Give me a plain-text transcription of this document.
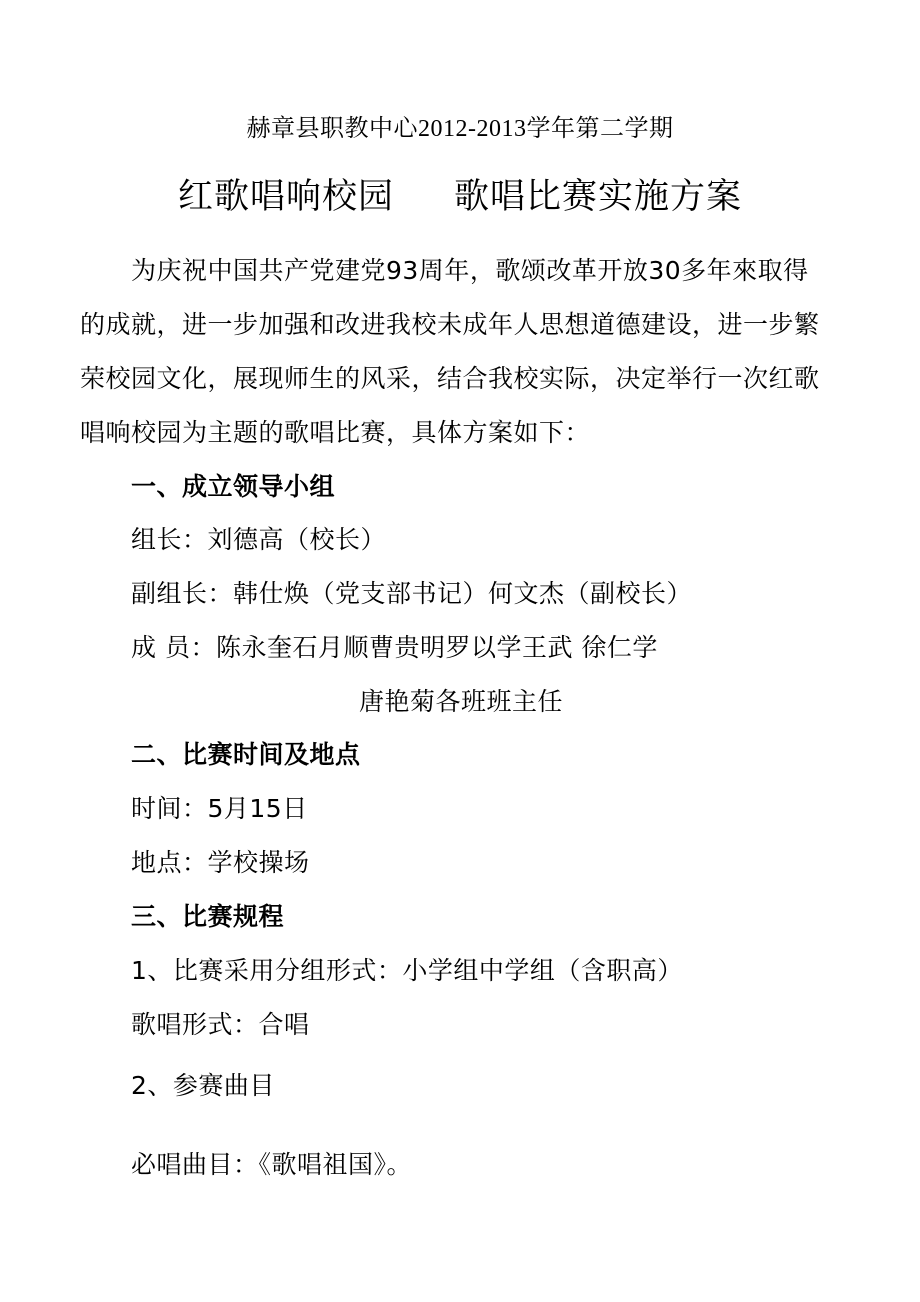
赫章县职教中心2012-2013学年第二学期
红歌唱响校园 歌唱比赛实施方案
为庆祝中国共产党建党93周年，歌颂改革开放30多年來取得
的成就，进一步加强和改进我校未成年人思想道德建设，进一步繁
荣校园文化，展现师生的风采，结合我校实际，决定举行一次红歌
唱响校园为主题的歌唱比赛，具体方案如下：
一、成立领导小组
组长：刘德高（校长）
副组长：韩仕焕（党支部书记）何文杰（副校长）
成 员：陈永奎石月顺曹贵明罗以学王武 徐仁学
唐艳菊各班班主任
二、比赛时间及地点
时间：5月15日
地点：学校操场
三、比赛规程
1、比赛采用分组形式：小学组中学组（含职高）
歌唱形式：合唱
2、参赛曲目
必唱曲目：《歌唱祖国》。
